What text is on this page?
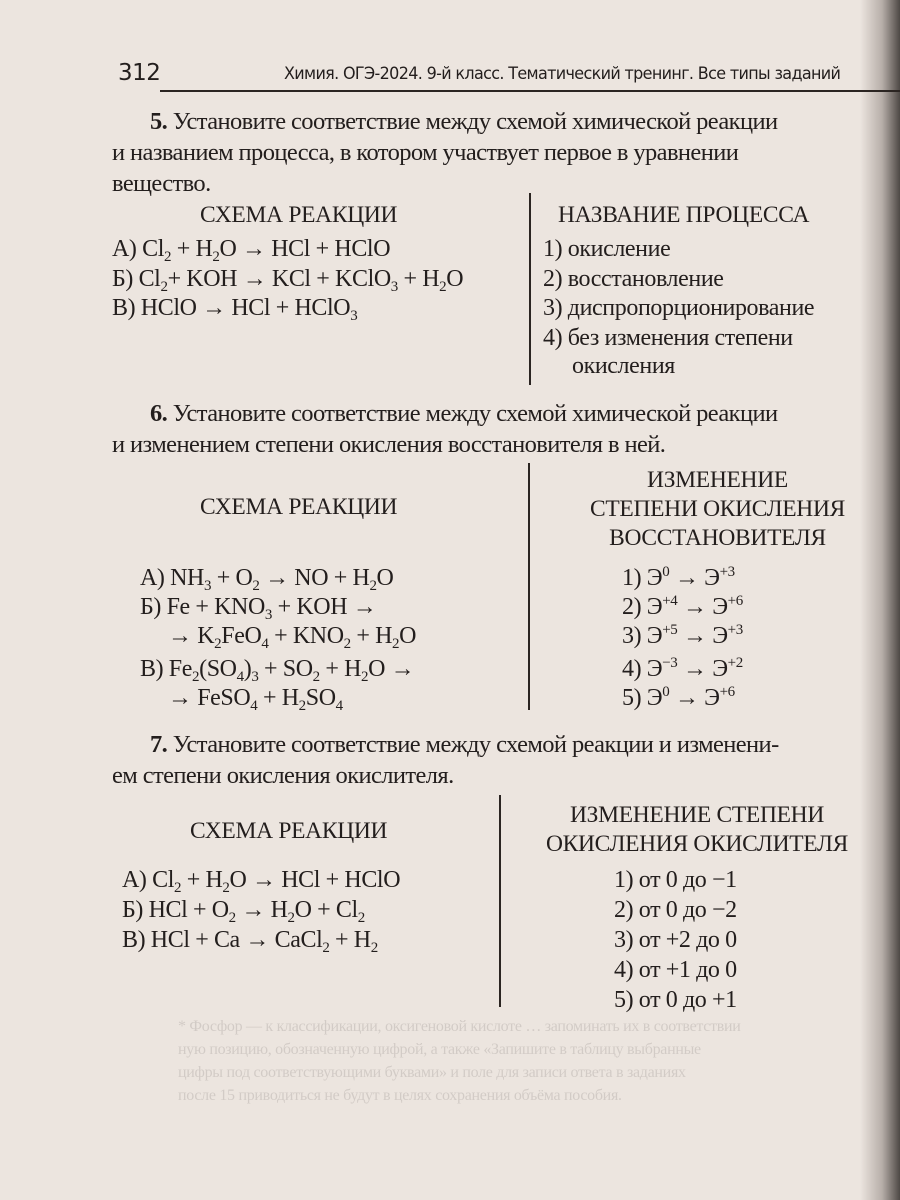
* Фосфор — к классификации, оксигеновой кислоте … запоминать их в соответствии
ную позицию, обозначенную цифрой, а также «Запишите в таблицу выбранные
цифры под соответствующими буквами» и поле для записи ответа в заданиях
после 15 приводиться не будут в целях сохранения объёма пособия.
312	Химия. ОГЭ-2024. 9-й класс. Тематический тренинг. Все типы заданий

5. Установите соответствие между схемой химической реакции

и названием процесса, в котором участвует первое в уравнении

вещество.

СХЕМА РЕАКЦИИ	НАЗВАНИЕ ПРОЦЕССА
А) $Cl_2 + H_2O$ → HCl + HClO
Б) $Cl_2+$ KOH → KCl + KClO$_3$ + $H_2O$
В) HClO → HCl + HClO$_3$
1) окисление
2) восстановление
3) диспропорционирование
4) без изменения степени
окисления

6. Установите соответствие между схемой химической реакции

и изменением степени окисления восстановителя в ней.

СХЕМА РЕАКЦИИ
ИЗМЕНЕНИЕ
СТЕПЕНИ ОКИСЛЕНИЯ
ВОССТАНОВИТЕЛЯ
А) $NH_3 + O_2$ → NO + $H_2O$
Б) $Fe + KNO_3$ + KOH →
→ $K_2FeO_4 + KNO_2 + H_2O$
В) $Fe_2(SO_4)_3 + SO_2 + H_2O$ →
→ FeSO$_4$ + $H_2SO_4$
1) $Э^0 \to Э^{+3}$
2) $Э^{+4} \to Э^{+6}$
3) $Э^{+5} \to Э^{+3}$
4) $Э^{-3} \to Э^{+2}$
5) $Э^0 \to Э^{+6}$

7. Установите соответствие между схемой реакции и изменени-

ем степени окисления окислителя.

СХЕМА РЕАКЦИИ
ИЗМЕНЕНИЕ СТЕПЕНИ
ОКИСЛЕНИЯ ОКИСЛИТЕЛЯ
А) $Cl_2 + H_2O$ → HCl + HClO
Б) HCl + $O_2 \to H_2O + Cl_2$
В) HCl + Ca → CaCl$_2$ + $H_2$
1) от 0 до −1
2) от 0 до −2
3) от +2 до 0
4) от +1 до 0
5) от 0 до +1
